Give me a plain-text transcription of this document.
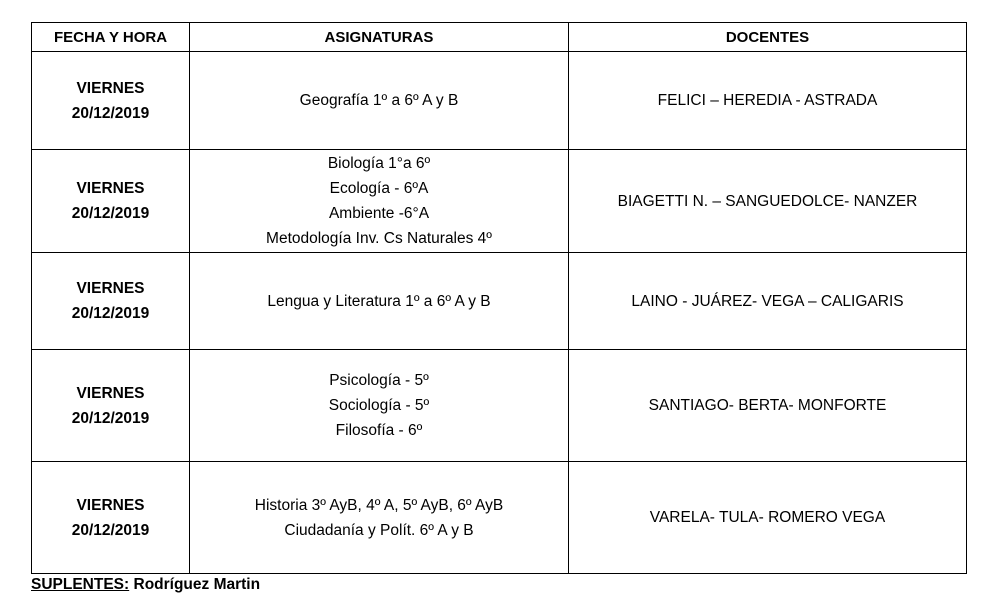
FECHA Y HORA	ASIGNATURAS	DOCENTES

VIERNES
20/12/2019	Geografía 1º a 6º A y B	FELICI – HEREDIA - ASTRADA

VIERNES
20/12/2019	Biología 1°a 6º
Ecología - 6ºA
Ambiente -6°A
Metodología Inv. Cs Naturales 4º	BIAGETTI N. – SANGUEDOLCE- NANZER

VIERNES
20/12/2019	Lengua y Literatura 1º a 6º A y B	LAINO - JUÁREZ- VEGA – CALIGARIS

VIERNES
20/12/2019	Psicología - 5º
Sociología - 5º
Filosofía - 6º	SANTIAGO- BERTA- MONFORTE

VIERNES
20/12/2019	Historia 3º AyB, 4º A, 5º AyB, 6º AyB
Ciudadanía y Polít. 6º A y B	VARELA- TULA- ROMERO VEGA
SUPLENTES: Rodríguez Martin
